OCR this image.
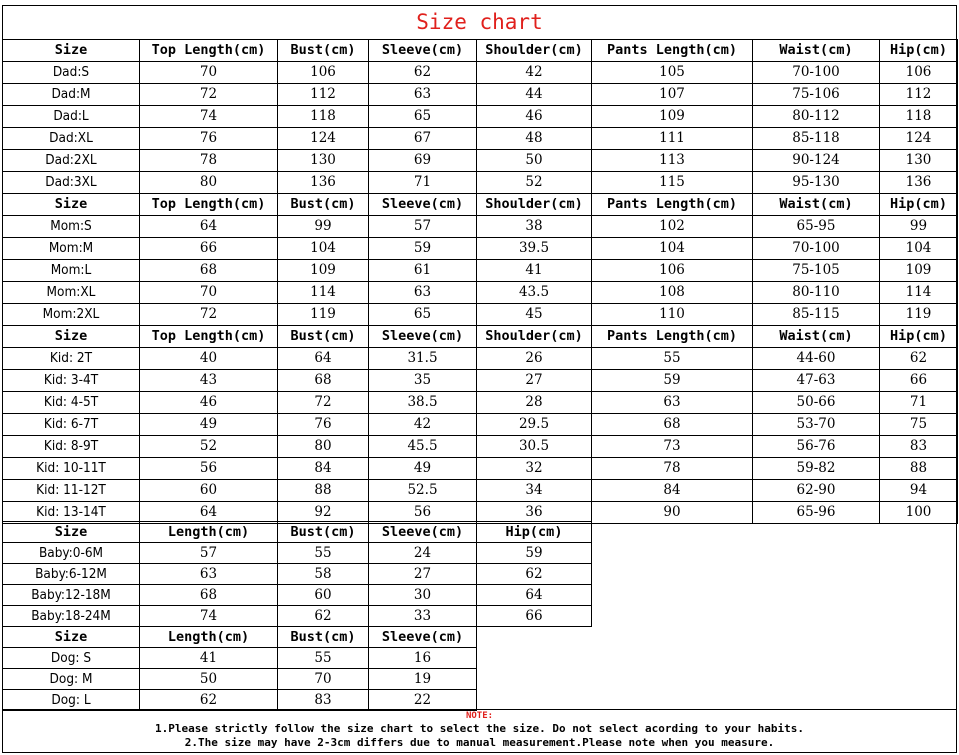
Size chart
Size	Top Length(cm)	Bust(cm)	Sleeve(cm)	Shoulder(cm)	Pants Length(cm)	Waist(cm)	Hip(cm)
Dad:S	70	106	62	42	105	70-100	106
Dad:M	72	112	63	44	107	75-106	112
Dad:L	74	118	65	46	109	80-112	118
Dad:XL	76	124	67	48	111	85-118	124
Dad:2XL	78	130	69	50	113	90-124	130
Dad:3XL	80	136	71	52	115	95-130	136
Size	Top Length(cm)	Bust(cm)	Sleeve(cm)	Shoulder(cm)	Pants Length(cm)	Waist(cm)	Hip(cm)
Mom:S	64	99	57	38	102	65-95	99
Mom:M	66	104	59	39.5	104	70-100	104
Mom:L	68	109	61	41	106	75-105	109
Mom:XL	70	114	63	43.5	108	80-110	114
Mom:2XL	72	119	65	45	110	85-115	119
Size	Top Length(cm)	Bust(cm)	Sleeve(cm)	Shoulder(cm)	Pants Length(cm)	Waist(cm)	Hip(cm)
Kid: 2T	40	64	31.5	26	55	44-60	62
Kid: 3-4T	43	68	35	27	59	47-63	66
Kid: 4-5T	46	72	38.5	28	63	50-66	71
Kid: 6-7T	49	76	42	29.5	68	53-70	75
Kid: 8-9T	52	80	45.5	30.5	73	56-76	83
Kid: 10-11T	56	84	49	32	78	59-82	88
Kid: 11-12T	60	88	52.5	34	84	62-90	94
Kid: 13-14T	64	92	56	36	90	65-96	100
Size	Length(cm)	Bust(cm)	Sleeve(cm)	Hip(cm)
Baby:0-6M	57	55	24	59
Baby:6-12M	63	58	27	62
Baby:12-18M	68	60	30	64
Baby:18-24M	74	62	33	66
Size	Length(cm)	Bust(cm)	Sleeve(cm)
Dog: S	41	55	16
Dog: M	50	70	19
Dog: L	62	83	22
NOTE:
1.Please strictly follow the size chart to select the size. Do not select acording to your habits.
2.The size may have 2-3cm differs due to manual measurement.Please note when you measure.
